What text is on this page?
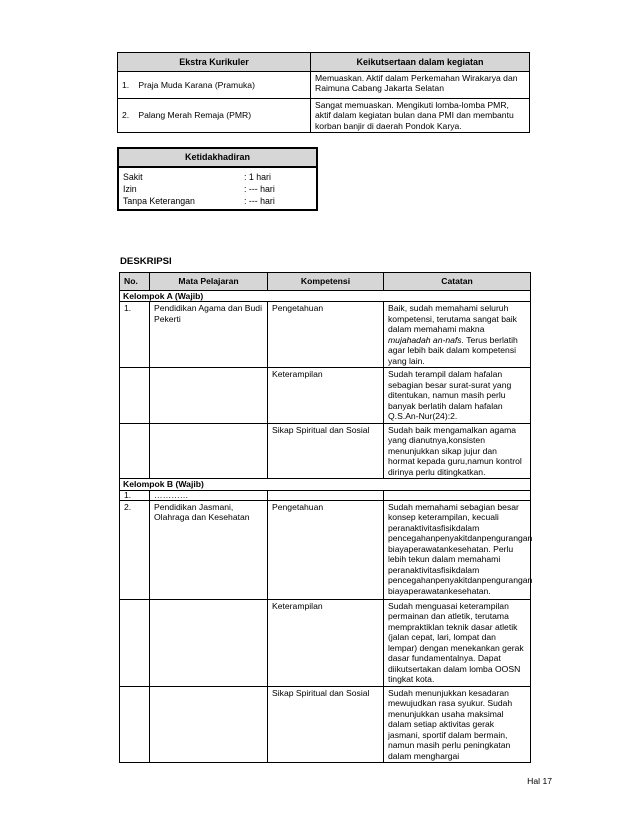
Ekstra Kurikuler	Keikutsertaan dalam kegiatan
1. Praja Muda Karana (Pramuka)	Memuaskan. Aktif dalam Perkemahan Wirakarya dan Raimuna Cabang Jakarta Selatan
2. Palang Merah Remaja (PMR)	Sangat memuaskan. Mengikuti lomba-lomba PMR, aktif dalam kegiatan bulan dana PMI dan membantu korban banjir di daerah Pondok Karya.
Ketidakhadiran
Sakit	: 1 hari
Izin	: --- hari
Tanpa Keterangan	: --- hari
DESKRIPSI
No.	Mata Pelajaran	Kompetensi	Catatan
Kelompok A (Wajib)			
1.	Pendidikan Agama dan Budi Pekerti	Pengetahuan	Baik, sudah memahami seluruh kompetensi, terutama sangat baik dalam memahami makna mujahadah an-nafs. Terus berlatih agar lebih baik dalam kompetensi yang lain.
		Keterampilan	Sudah terampil dalam hafalan sebagian besar surat-surat yang ditentukan, namun masih perlu banyak berlatih dalam hafalan Q.S.An-Nur(24):2.
		Sikap Spiritual dan Sosial	Sudah baik mengamalkan agama yang dianutnya,konsisten menunjukkan sikap jujur dan hormat kepada guru,namun kontrol dirinya perlu ditingkatkan.
Kelompok B (Wajib)			
1.	…………		
2.	Pendidikan Jasmani, Olahraga dan Kesehatan	Pengetahuan	Sudah memahami sebagian besar konsep keterampilan, kecuali peranaktivitasfisikdalam pencegahanpenyakitdanpengurangan biayaperawatankesehatan. Perlu lebih tekun dalam memahami peranaktivitasfisikdalam pencegahanpenyakitdanpengurangan biayaperawatankesehatan.
		Keterampilan	Sudah menguasai keterampilan permainan dan atletik, terutama mempraktiklan teknik dasar atletik (jalan cepat, lari, lompat dan lempar) dengan menekankan gerak dasar fundamentalnya. Dapat diikutsertakan dalam lomba OOSN tingkat kota.
		Sikap Spiritual dan Sosial	Sudah menunjukkan kesadaran mewujudkan rasa syukur. Sudah menunjukkan usaha maksimal dalam setiap aktivitas gerak jasmani, sportif dalam bermain, namun masih perlu peningkatan dalam menghargai
Hal 17
